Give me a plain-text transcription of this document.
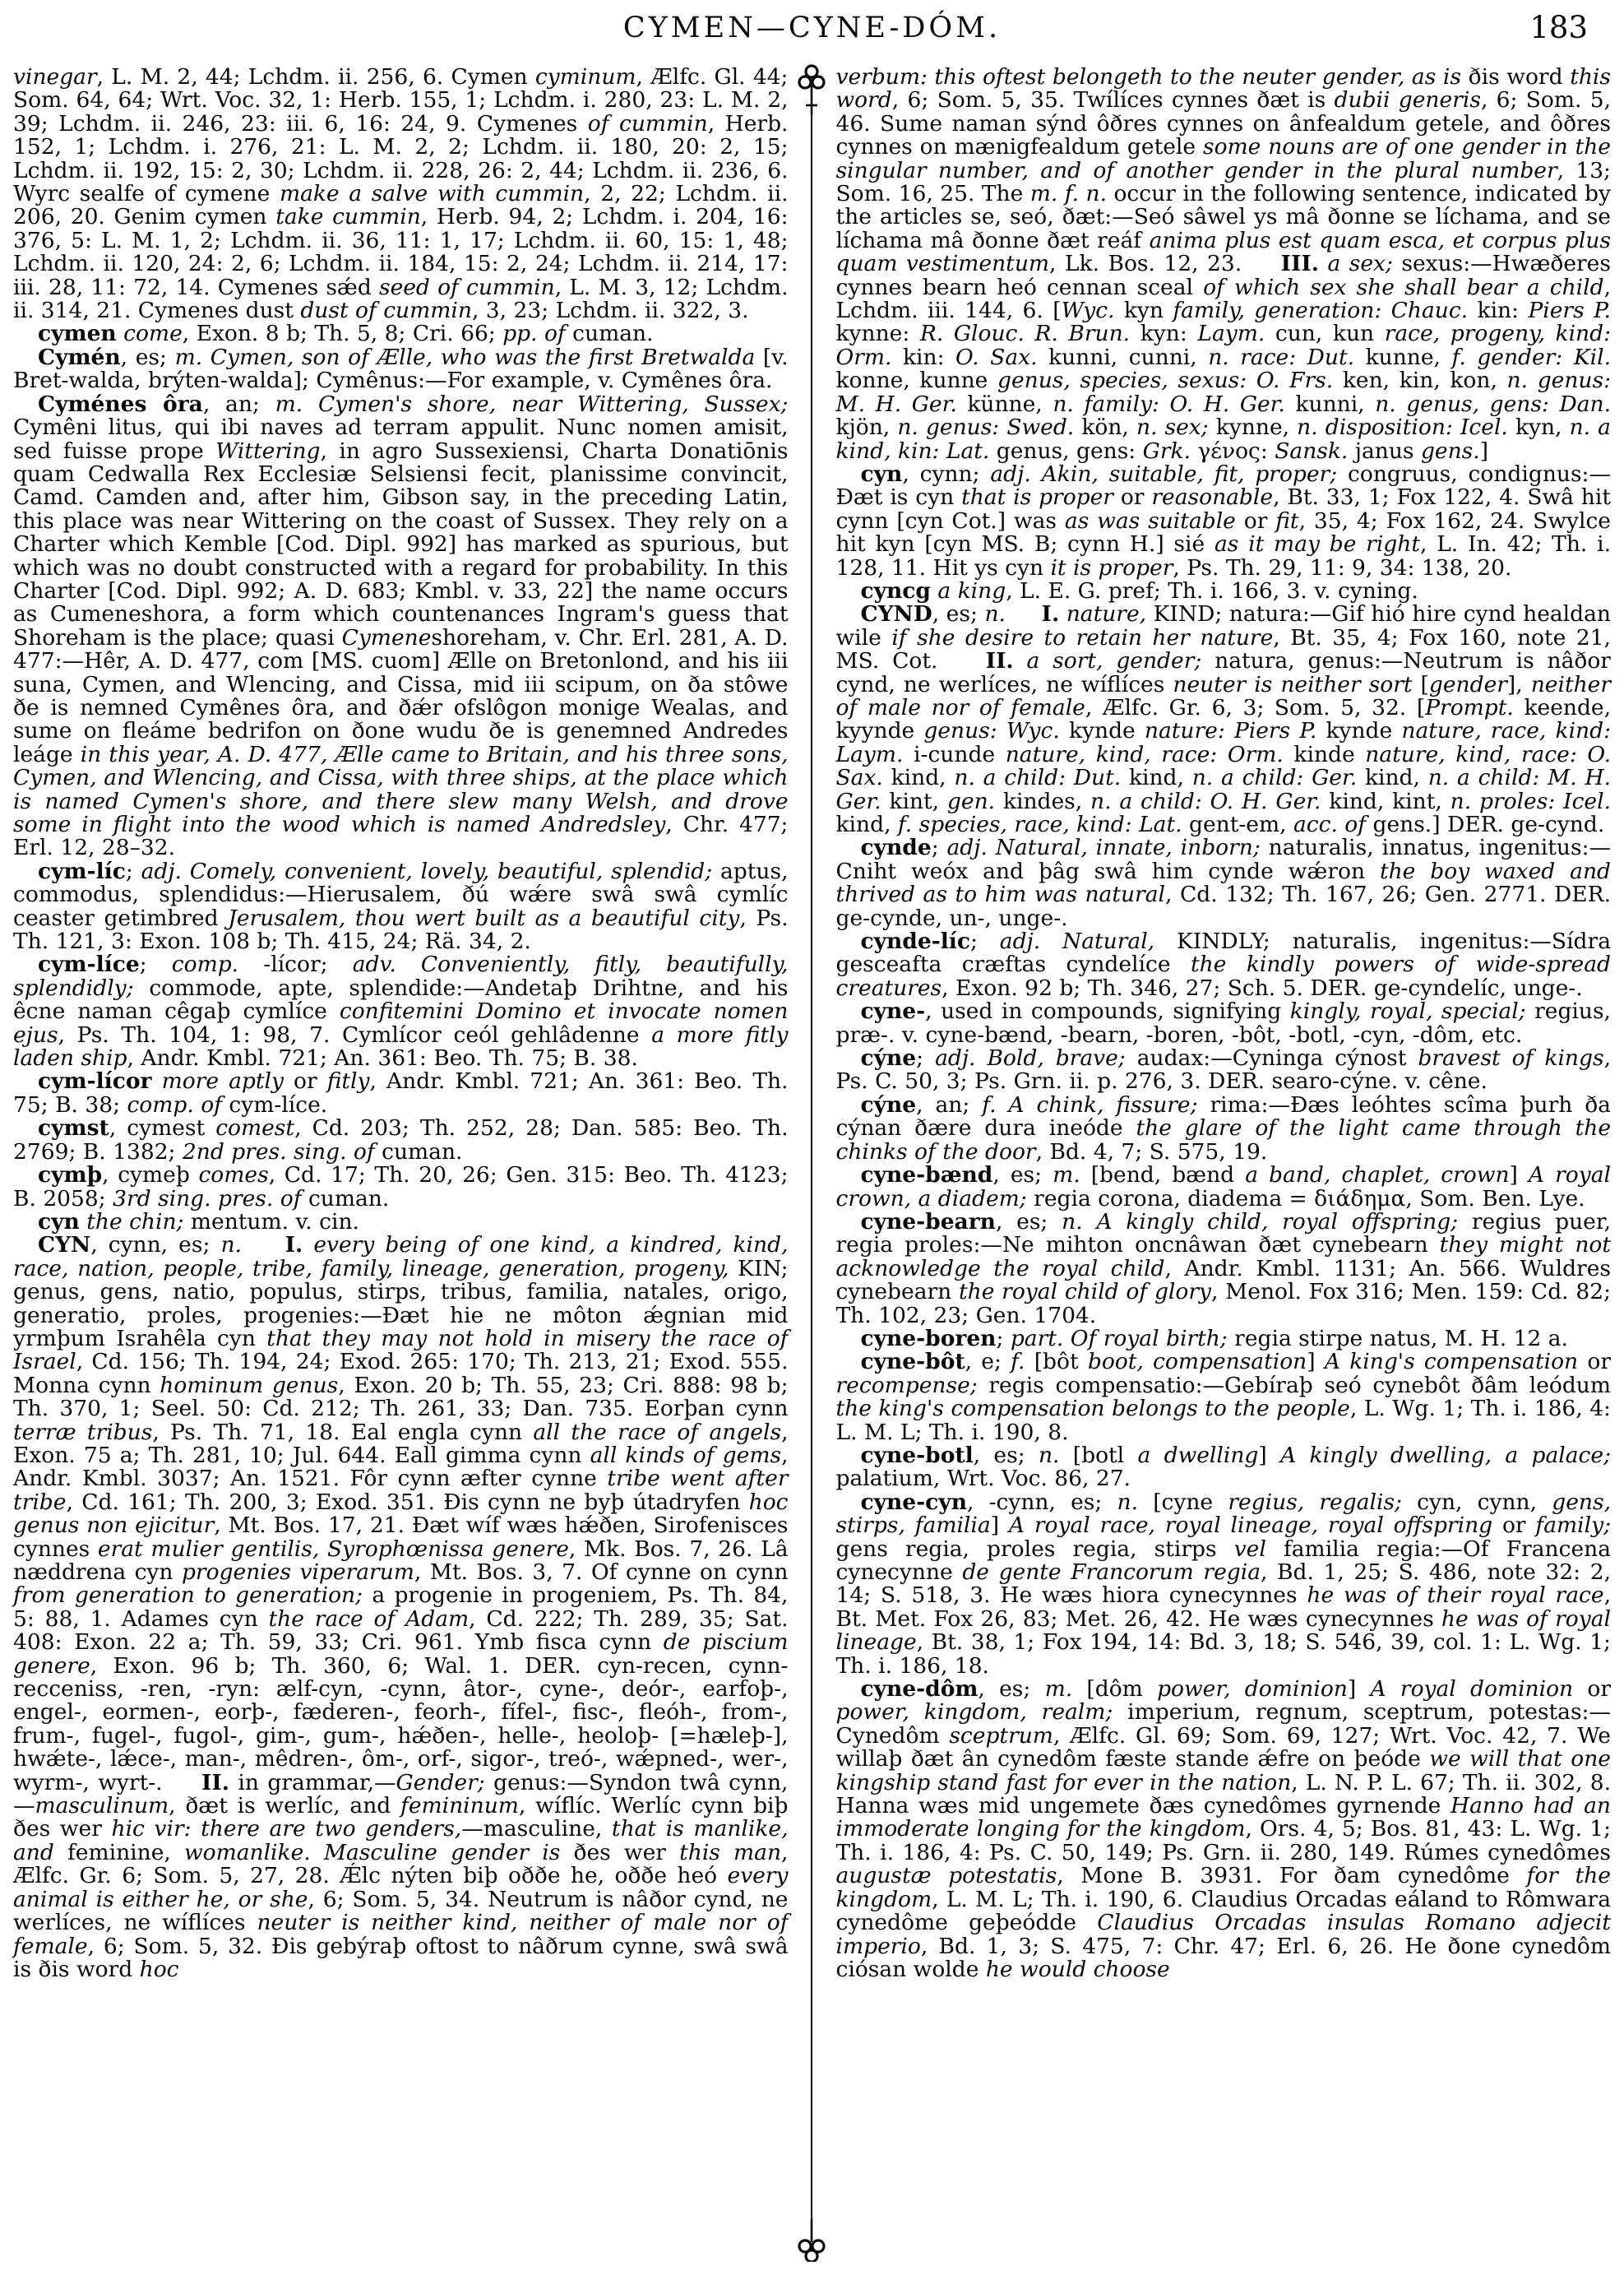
CYMEN—CYNE-DÓM.	183

vinegar, L. M. 2, 44; Lchdm. ii. 256, 6. Cymen cyminum, Ælfc. Gl. 44; Som. 64, 64; Wrt. Voc. 32, 1: Herb. 155, 1; Lchdm. i. 280, 23: L. M. 2, 39; Lchdm. ii. 246, 23: iii. 6, 16: 24, 9. Cymenes of cummin, Herb. 152, 1; Lchdm. i. 276, 21: L. M. 2, 2; Lchdm. ii. 180, 20: 2, 15; Lchdm. ii. 192, 15: 2, 30; Lchdm. ii. 228, 26: 2, 44; Lchdm. ii. 236, 6. Wyrc sealfe of cymene make a salve with cummin, 2, 22; Lchdm. ii. 206, 20. Genim cymen take cummin, Herb. 94, 2; Lchdm. i. 204, 16: 376, 5: L. M. 1, 2; Lchdm. ii. 36, 11: 1, 17; Lchdm. ii. 60, 15: 1, 48; Lchdm. ii. 120, 24: 2, 6; Lchdm. ii. 184, 15: 2, 24; Lchdm. ii. 214, 17: iii. 28, 11: 72, 14. Cymenes sǽd seed of cummin, L. M. 3, 12; Lchdm. ii. 314, 21. Cymenes dust dust of cummin, 3, 23; Lchdm. ii. 322, 3.

cymen come, Exon. 8 b; Th. 5, 8; Cri. 66; pp. of cuman.

Cymén, es; m. Cymen, son of Ælle, who was the first Bretwalda [v. Bret-walda, brýten-walda]; Cymênus:—For example, v. Cymênes ôra.

Cyménes ôra, an; m. Cymen's shore, near Wittering, Sussex; Cymêni litus, qui ibi naves ad terram appulit. Nunc nomen amisit, sed fuisse prope Wittering, in agro Sussexiensi, Charta Donatiōnis quam Cedwalla Rex Ecclesiæ Selsiensi fecit, planissime convincit, Camd. Camden and, after him, Gibson say, in the preceding Latin, this place was near Wittering on the coast of Sussex. They rely on a Charter which Kemble [Cod. Dipl. 992] has marked as spurious, but which was no doubt constructed with a regard for probability. In this Charter [Cod. Dipl. 992; A. D. 683; Kmbl. v. 33, 22] the name occurs as Cumeneshora, a form which countenances Ingram's guess that Shoreham is the place; quasi Cymeneshoreham, v. Chr. Erl. 281, A. D. 477:—Hêr, A. D. 477, com [MS. cuom] Ælle on Bretonlond, and his iii suna, Cymen, and Wlencing, and Cissa, mid iii scipum, on ða stôwe ðe is nemned Cymênes ôra, and ðǽr ofslôgon monige Wealas, and sume on fleáme bedrifon on ðone wudu ðe is genemned Andredes leáge in this year, A. D. 477, Ælle came to Britain, and his three sons, Cymen, and Wlencing, and Cissa, with three ships, at the place which is named Cymen's shore, and there slew many Welsh, and drove some in flight into the wood which is named Andredsley, Chr. 477; Erl. 12, 28–32.

cym-líc; adj. Comely, convenient, lovely, beautiful, splendid; aptus, commodus, splendidus:—Hierusalem, ðú wǽre swâ swâ cymlíc ceaster getimbred Jerusalem, thou wert built as a beautiful city, Ps. Th. 121, 3: Exon. 108 b; Th. 415, 24; Rä. 34, 2.

cym-líce; comp. -lícor; adv. Conveniently, fitly, beautifully, splendidly; commode, apte, splendide:—Andetaþ Drihtne, and his êcne naman cêgaþ cymlíce confitemini Domino et invocate nomen ejus, Ps. Th. 104, 1: 98, 7. Cymlícor ceól gehlâdenne a more fitly laden ship, Andr. Kmbl. 721; An. 361: Beo. Th. 75; B. 38.

cym-lícor more aptly or fitly, Andr. Kmbl. 721; An. 361: Beo. Th. 75; B. 38; comp. of cym-líce.

cymst, cymest comest, Cd. 203; Th. 252, 28; Dan. 585: Beo. Th. 2769; B. 1382; 2nd pres. sing. of cuman.

cymþ, cymeþ comes, Cd. 17; Th. 20, 26; Gen. 315: Beo. Th. 4123; B. 2058; 3rd sing. pres. of cuman.

cyn the chin; mentum. v. cin.

CYN, cynn, es; n.   I. every being of one kind, a kindred, kind, race, nation, people, tribe, family, lineage, generation, progeny, KIN; genus, gens, natio, populus, stirps, tribus, familia, natales, origo, generatio, proles, progenies:—Ðæt hie ne môton ǽgnian mid yrmþum Israhêla cyn that they may not hold in misery the race of Israel, Cd. 156; Th. 194, 24; Exod. 265: 170; Th. 213, 21; Exod. 555. Monna cynn hominum genus, Exon. 20 b; Th. 55, 23; Cri. 888: 98 b; Th. 370, 1; Seel. 50: Cd. 212; Th. 261, 33; Dan. 735. Eorþan cynn terræ tribus, Ps. Th. 71, 18. Eal engla cynn all the race of angels, Exon. 75 a; Th. 281, 10; Jul. 644. Eall gimma cynn all kinds of gems, Andr. Kmbl. 3037; An. 1521. Fôr cynn æfter cynne tribe went after tribe, Cd. 161; Th. 200, 3; Exod. 351. Ðis cynn ne byþ útadryfen hoc genus non ejicitur, Mt. Bos. 17, 21. Ðæt wíf wæs hǽðen, Sirofenisces cynnes erat mulier gentilis, Syrophœnissa genere, Mk. Bos. 7, 26. Lâ næddrena cyn progenies viperarum, Mt. Bos. 3, 7. Of cynne on cynn from generation to generation; a progenie in progeniem, Ps. Th. 84, 5: 88, 1. Adames cyn the race of Adam, Cd. 222; Th. 289, 35; Sat. 408: Exon. 22 a; Th. 59, 33; Cri. 961. Ymb fisca cynn de piscium genere, Exon. 96 b; Th. 360, 6; Wal. 1. DER. cyn-recen, cynn-recceniss, -ren, -ryn: ælf-cyn, -cynn, âtor-, cyne-, deór-, earfoþ-, engel-, eormen-, eorþ-, fæderen-, feorh-, fífel-, fisc-, fleóh-, from-, frum-, fugel-, fugol-, gim-, gum-, hǽðen-, helle-, heoloþ- [=hæleþ-], hwǽte-, lǽce-, man-, mêdren-, ôm-, orf-, sigor-, treó-, wǽpned-, wer-, wyrm-, wyrt-.   II. in grammar,—Gender; genus:—Syndon twâ cynn,—masculinum, ðæt is werlíc, and femininum, wíflíc. Werlíc cynn biþ ðes wer hic vir: there are two genders,—masculine, that is manlike, and feminine, womanlike. Masculine gender is ðes wer this man, Ælfc. Gr. 6; Som. 5, 27, 28. Ǽlc nýten biþ oððe he, oððe heó every animal is either he, or she, 6; Som. 5, 34. Neutrum is nâðor cynd, ne werlíces, ne wíflíces neuter is neither kind, neither of male nor of female, 6; Som. 5, 32. Ðis gebýraþ oftost to nâðrum cynne, swâ swâ is ðis word hoc

verbum: this oftest belongeth to the neuter gender, as is ðis word this word, 6; Som. 5, 35. Twílíces cynnes ðæt is dubii generis, 6; Som. 5, 46. Sume naman sýnd ôðres cynnes on ânfealdum getele, and ôðres cynnes on mænigfealdum getele some nouns are of one gender in the singular number, and of another gender in the plural number, 13; Som. 16, 25. The m. f. n. occur in the following sentence, indicated by the articles se, seó, ðæt:—Seó sâwel ys mâ ðonne se líchama, and se líchama mâ ðonne ðæt reáf anima plus est quam esca, et corpus plus quam vestimentum, Lk. Bos. 12, 23.   III. a sex; sexus:—Hwæðeres cynnes bearn heó cennan sceal of which sex she shall bear a child, Lchdm. iii. 144, 6. [Wyc. kyn family, generation: Chauc. kin: Piers P. kynne: R. Glouc. R. Brun. kyn: Laym. cun, kun race, progeny, kind: Orm. kin: O. Sax. kunni, cunni, n. race: Dut. kunne, f. gender: Kil. konne, kunne genus, species, sexus: O. Frs. ken, kin, kon, n. genus: M. H. Ger. künne, n. family: O. H. Ger. kunni, n. genus, gens: Dan. kjön, n. genus: Swed. kön, n. sex; kynne, n. disposition: Icel. kyn, n. a kind, kin: Lat. genus, gens: Grk. γένος: Sansk. janus gens.]

cyn, cynn; adj. Akin, suitable, fit, proper; congruus, condignus:—Ðæt is cyn that is proper or reasonable, Bt. 33, 1; Fox 122, 4. Swâ hit cynn [cyn Cot.] was as was suitable or fit, 35, 4; Fox 162, 24. Swylce hit kyn [cyn MS. B; cynn H.] sié as it may be right, L. In. 42; Th. i. 128, 11. Hit ys cyn it is proper, Ps. Th. 29, 11: 9, 34: 138, 20.

cyncg a king, L. E. G. pref; Th. i. 166, 3. v. cyning.

CYND, es; n.   I. nature, KIND; natura:—Gif hió hire cynd healdan wile if she desire to retain her nature, Bt. 35, 4; Fox 160, note 21, MS. Cot.   II. a sort, gender; natura, genus:—Neutrum is nâðor cynd, ne werlíces, ne wíflíces neuter is neither sort [gender], neither of male nor of female, Ælfc. Gr. 6, 3; Som. 5, 32. [Prompt. keende, kyynde genus: Wyc. kynde nature: Piers P. kynde nature, race, kind: Laym. i-cunde nature, kind, race: Orm. kinde nature, kind, race: O. Sax. kind, n. a child: Dut. kind, n. a child: Ger. kind, n. a child: M. H. Ger. kint, gen. kindes, n. a child: O. H. Ger. kind, kint, n. proles: Icel. kind, f. species, race, kind: Lat. gent-em, acc. of gens.] DER. ge-cynd.

cynde; adj. Natural, innate, inborn; naturalis, innatus, ingenitus:—Cniht weóx and þâg swâ him cynde wǽron the boy waxed and thrived as to him was natural, Cd. 132; Th. 167, 26; Gen. 2771. DER. ge-cynde, un-, unge-.

cynde-líc; adj. Natural, KINDLY; naturalis, ingenitus:—Sídra gesceafta cræftas cyndelíce the kindly powers of wide-spread creatures, Exon. 92 b; Th. 346, 27; Sch. 5. DER. ge-cyndelíc, unge-.

cyne-, used in compounds, signifying kingly, royal, special; regius, præ-. v. cyne-bænd, -bearn, -boren, -bôt, -botl, -cyn, -dôm, etc.

cýne; adj. Bold, brave; audax:—Cyninga cýnost bravest of kings, Ps. C. 50, 3; Ps. Grn. ii. p. 276, 3. DER. searo-cýne. v. cêne.

cýne, an; f. A chink, fissure; rima:—Ðæs leóhtes scîma þurh ða cýnan ðære dura ineóde the glare of the light came through the chinks of the door, Bd. 4, 7; S. 575, 19.

cyne-bænd, es; m. [bend, bænd a band, chaplet, crown] A royal crown, a diadem; regia corona, diadema = διάδημα, Som. Ben. Lye.

cyne-bearn, es; n. A kingly child, royal offspring; regius puer, regia proles:—Ne mihton oncnâwan ðæt cynebearn they might not acknowledge the royal child, Andr. Kmbl. 1131; An. 566. Wuldres cynebearn the royal child of glory, Menol. Fox 316; Men. 159: Cd. 82; Th. 102, 23; Gen. 1704.

cyne-boren; part. Of royal birth; regia stirpe natus, M. H. 12 a.

cyne-bôt, e; f. [bôt boot, compensation] A king's compensation or recompense; regis compensatio:—Gebíraþ seó cynebôt ðâm leódum the king's compensation belongs to the people, L. Wg. 1; Th. i. 186, 4: L. M. L; Th. i. 190, 8.

cyne-botl, es; n. [botl a dwelling] A kingly dwelling, a palace; palatium, Wrt. Voc. 86, 27.

cyne-cyn, -cynn, es; n. [cyne regius, regalis; cyn, cynn, gens, stirps, familia] A royal race, royal lineage, royal offspring or family; gens regia, proles regia, stirps vel familia regia:—Of Francena cynecynne de gente Francorum regia, Bd. 1, 25; S. 486, note 32: 2, 14; S. 518, 3. He wæs hiora cynecynnes he was of their royal race, Bt. Met. Fox 26, 83; Met. 26, 42. He wæs cynecynnes he was of royal lineage, Bt. 38, 1; Fox 194, 14: Bd. 3, 18; S. 546, 39, col. 1: L. Wg. 1; Th. i. 186, 18.

cyne-dôm, es; m. [dôm power, dominion] A royal dominion or power, kingdom, realm; imperium, regnum, sceptrum, potestas:—Cynedôm sceptrum, Ælfc. Gl. 69; Som. 69, 127; Wrt. Voc. 42, 7. We willaþ ðæt ân cynedôm fæste stande ǽfre on þeóde we will that one kingship stand fast for ever in the nation, L. N. P. L. 67; Th. ii. 302, 8. Hanna wæs mid ungemete ðæs cynedômes gyrnende Hanno had an immoderate longing for the kingdom, Ors. 4, 5; Bos. 81, 43: L. Wg. 1; Th. i. 186, 4: Ps. C. 50, 149; Ps. Grn. ii. 280, 149. Rúmes cynedômes augustæ potestatis, Mone B. 3931. For ðam cynedôme for the kingdom, L. M. L; Th. i. 190, 6. Claudius Orcadas eáland to Rômwara cynedôme geþeódde Claudius Orcadas insulas Romano adjecit imperio, Bd. 1, 3; S. 475, 7: Chr. 47; Erl. 6, 26. He ðone cynedôm ciósan wolde he would choose
